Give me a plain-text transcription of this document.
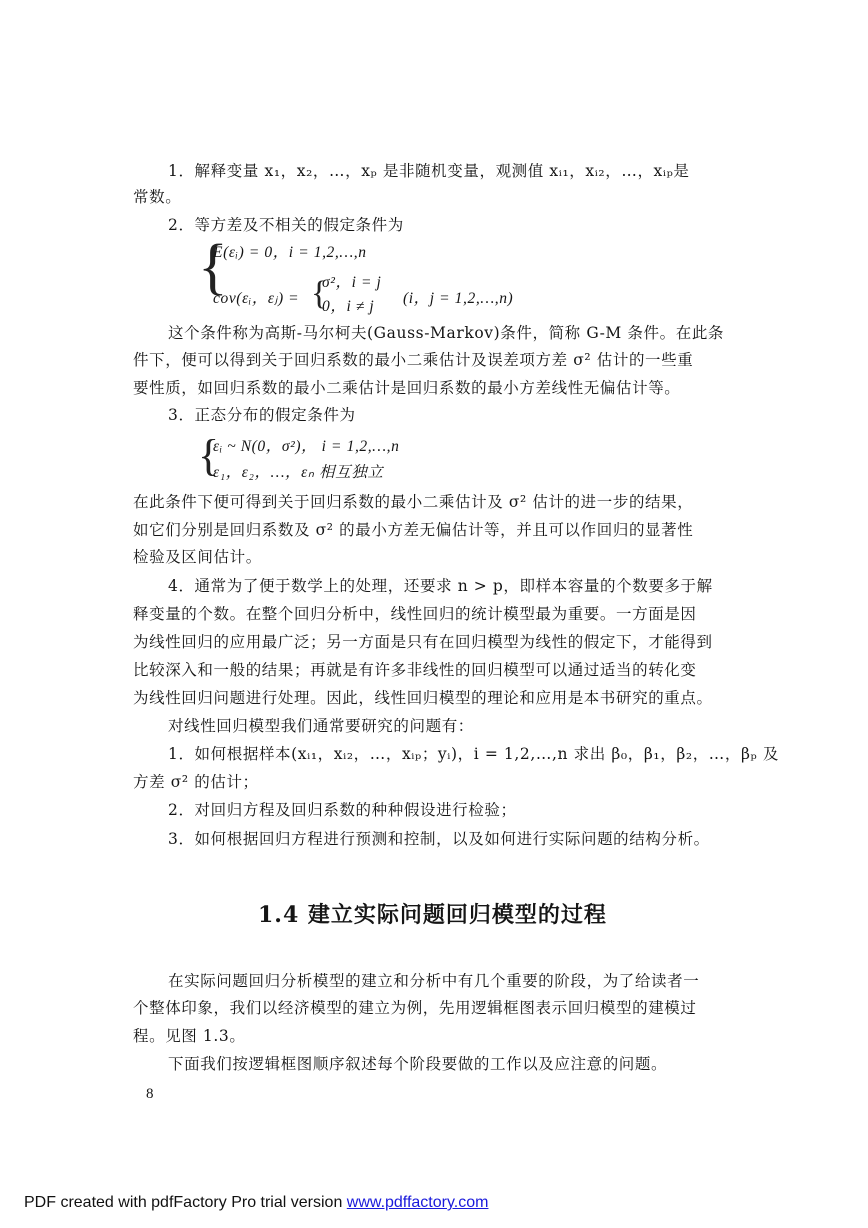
1．解释变量 x₁，x₂，…，xₚ 是非随机变量，观测值 xᵢ₁，xᵢ₂，…，xᵢₚ是
常数。
2．等方差及不相关的假定条件为
{
E(εᵢ) = 0，i = 1,2,…,n
cov(εᵢ，εⱼ) = {
σ²，i = j
0，i ≠ j (i，j = 1,2,…,n)
这个条件称为高斯-马尔柯夫(Gauss-Markov)条件，简称 G-M 条件。在此条
件下，便可以得到关于回归系数的最小二乘估计及误差项方差 σ² 估计的一些重
要性质，如回归系数的最小二乘估计是回归系数的最小方差线性无偏估计等。
3．正态分布的假定条件为
{
εᵢ ~ N(0，σ²)， i = 1,2,…,n
ε₁，ε₂，…，εₙ 相互独立
在此条件下便可得到关于回归系数的最小二乘估计及 σ² 估计的进一步的结果，
如它们分别是回归系数及 σ² 的最小方差无偏估计等，并且可以作回归的显著性
检验及区间估计。
4．通常为了便于数学上的处理，还要求 n > p，即样本容量的个数要多于解
释变量的个数。在整个回归分析中，线性回归的统计模型最为重要。一方面是因
为线性回归的应用最广泛；另一方面是只有在回归模型为线性的假定下，才能得到
比较深入和一般的结果；再就是有许多非线性的回归模型可以通过适当的转化变
为线性回归问题进行处理。因此，线性回归模型的理论和应用是本书研究的重点。
对线性回归模型我们通常要研究的问题有：
1．如何根据样本(xᵢ₁，xᵢ₂，…，xᵢₚ；yᵢ)，i = 1,2,…,n 求出 β₀，β₁，β₂，…，βₚ 及
方差 σ² 的估计；
2．对回归方程及回归系数的种种假设进行检验；
3．如何根据回归方程进行预测和控制，以及如何进行实际问题的结构分析。
1.4 建立实际问题回归模型的过程
在实际问题回归分析模型的建立和分析中有几个重要的阶段，为了给读者一
个整体印象，我们以经济模型的建立为例，先用逻辑框图表示回归模型的建模过
程。见图 1.3。
下面我们按逻辑框图顺序叙述每个阶段要做的工作以及应注意的问题。
8
PDF created with pdfFactory Pro trial version www.pdffactory.com
